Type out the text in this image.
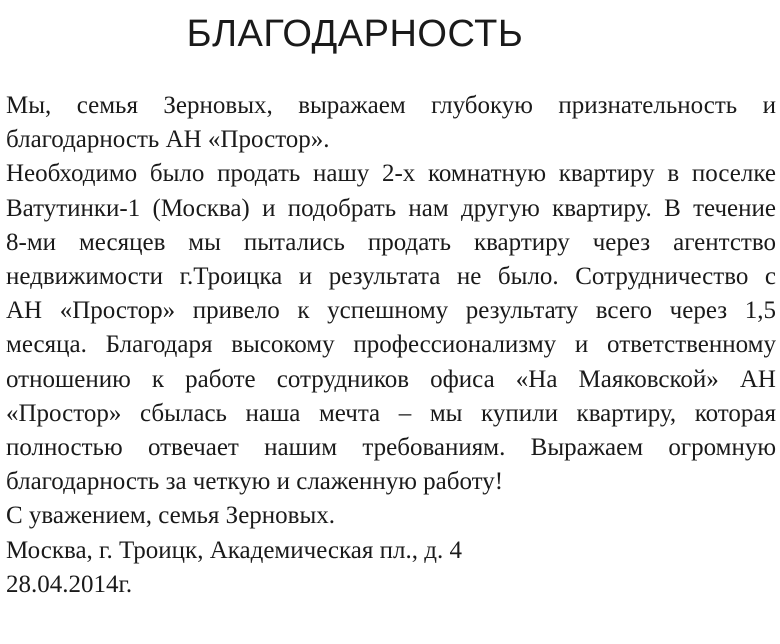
БЛАГОДАРНОСТЬ

Мы, семья Зерновых, выражаем глубокую признательность и
благодарность АН «Простор».

Необходимо было продать нашу 2-х комнатную квартиру в поселке
Ватутинки-1 (Москва) и подобрать нам другую квартиру. В течение
8-ми месяцев мы пытались продать квартиру через агентство
недвижимости г.Троицка и результата не было. Сотрудничество с
АН «Простор» привело к успешному результату всего через 1,5
месяца. Благодаря высокому профессионализму и ответственному
отношению к работе сотрудников офиса «На Маяковской» АН
«Простор» сбылась наша мечта – мы купили квартиру, которая
полностью отвечает нашим требованиям. Выражаем огромную
благодарность за четкую и слаженную работу!

С уважением, семья Зерновых.

Москва, г. Троицк, Академическая пл., д. 4

28.04.2014г.
